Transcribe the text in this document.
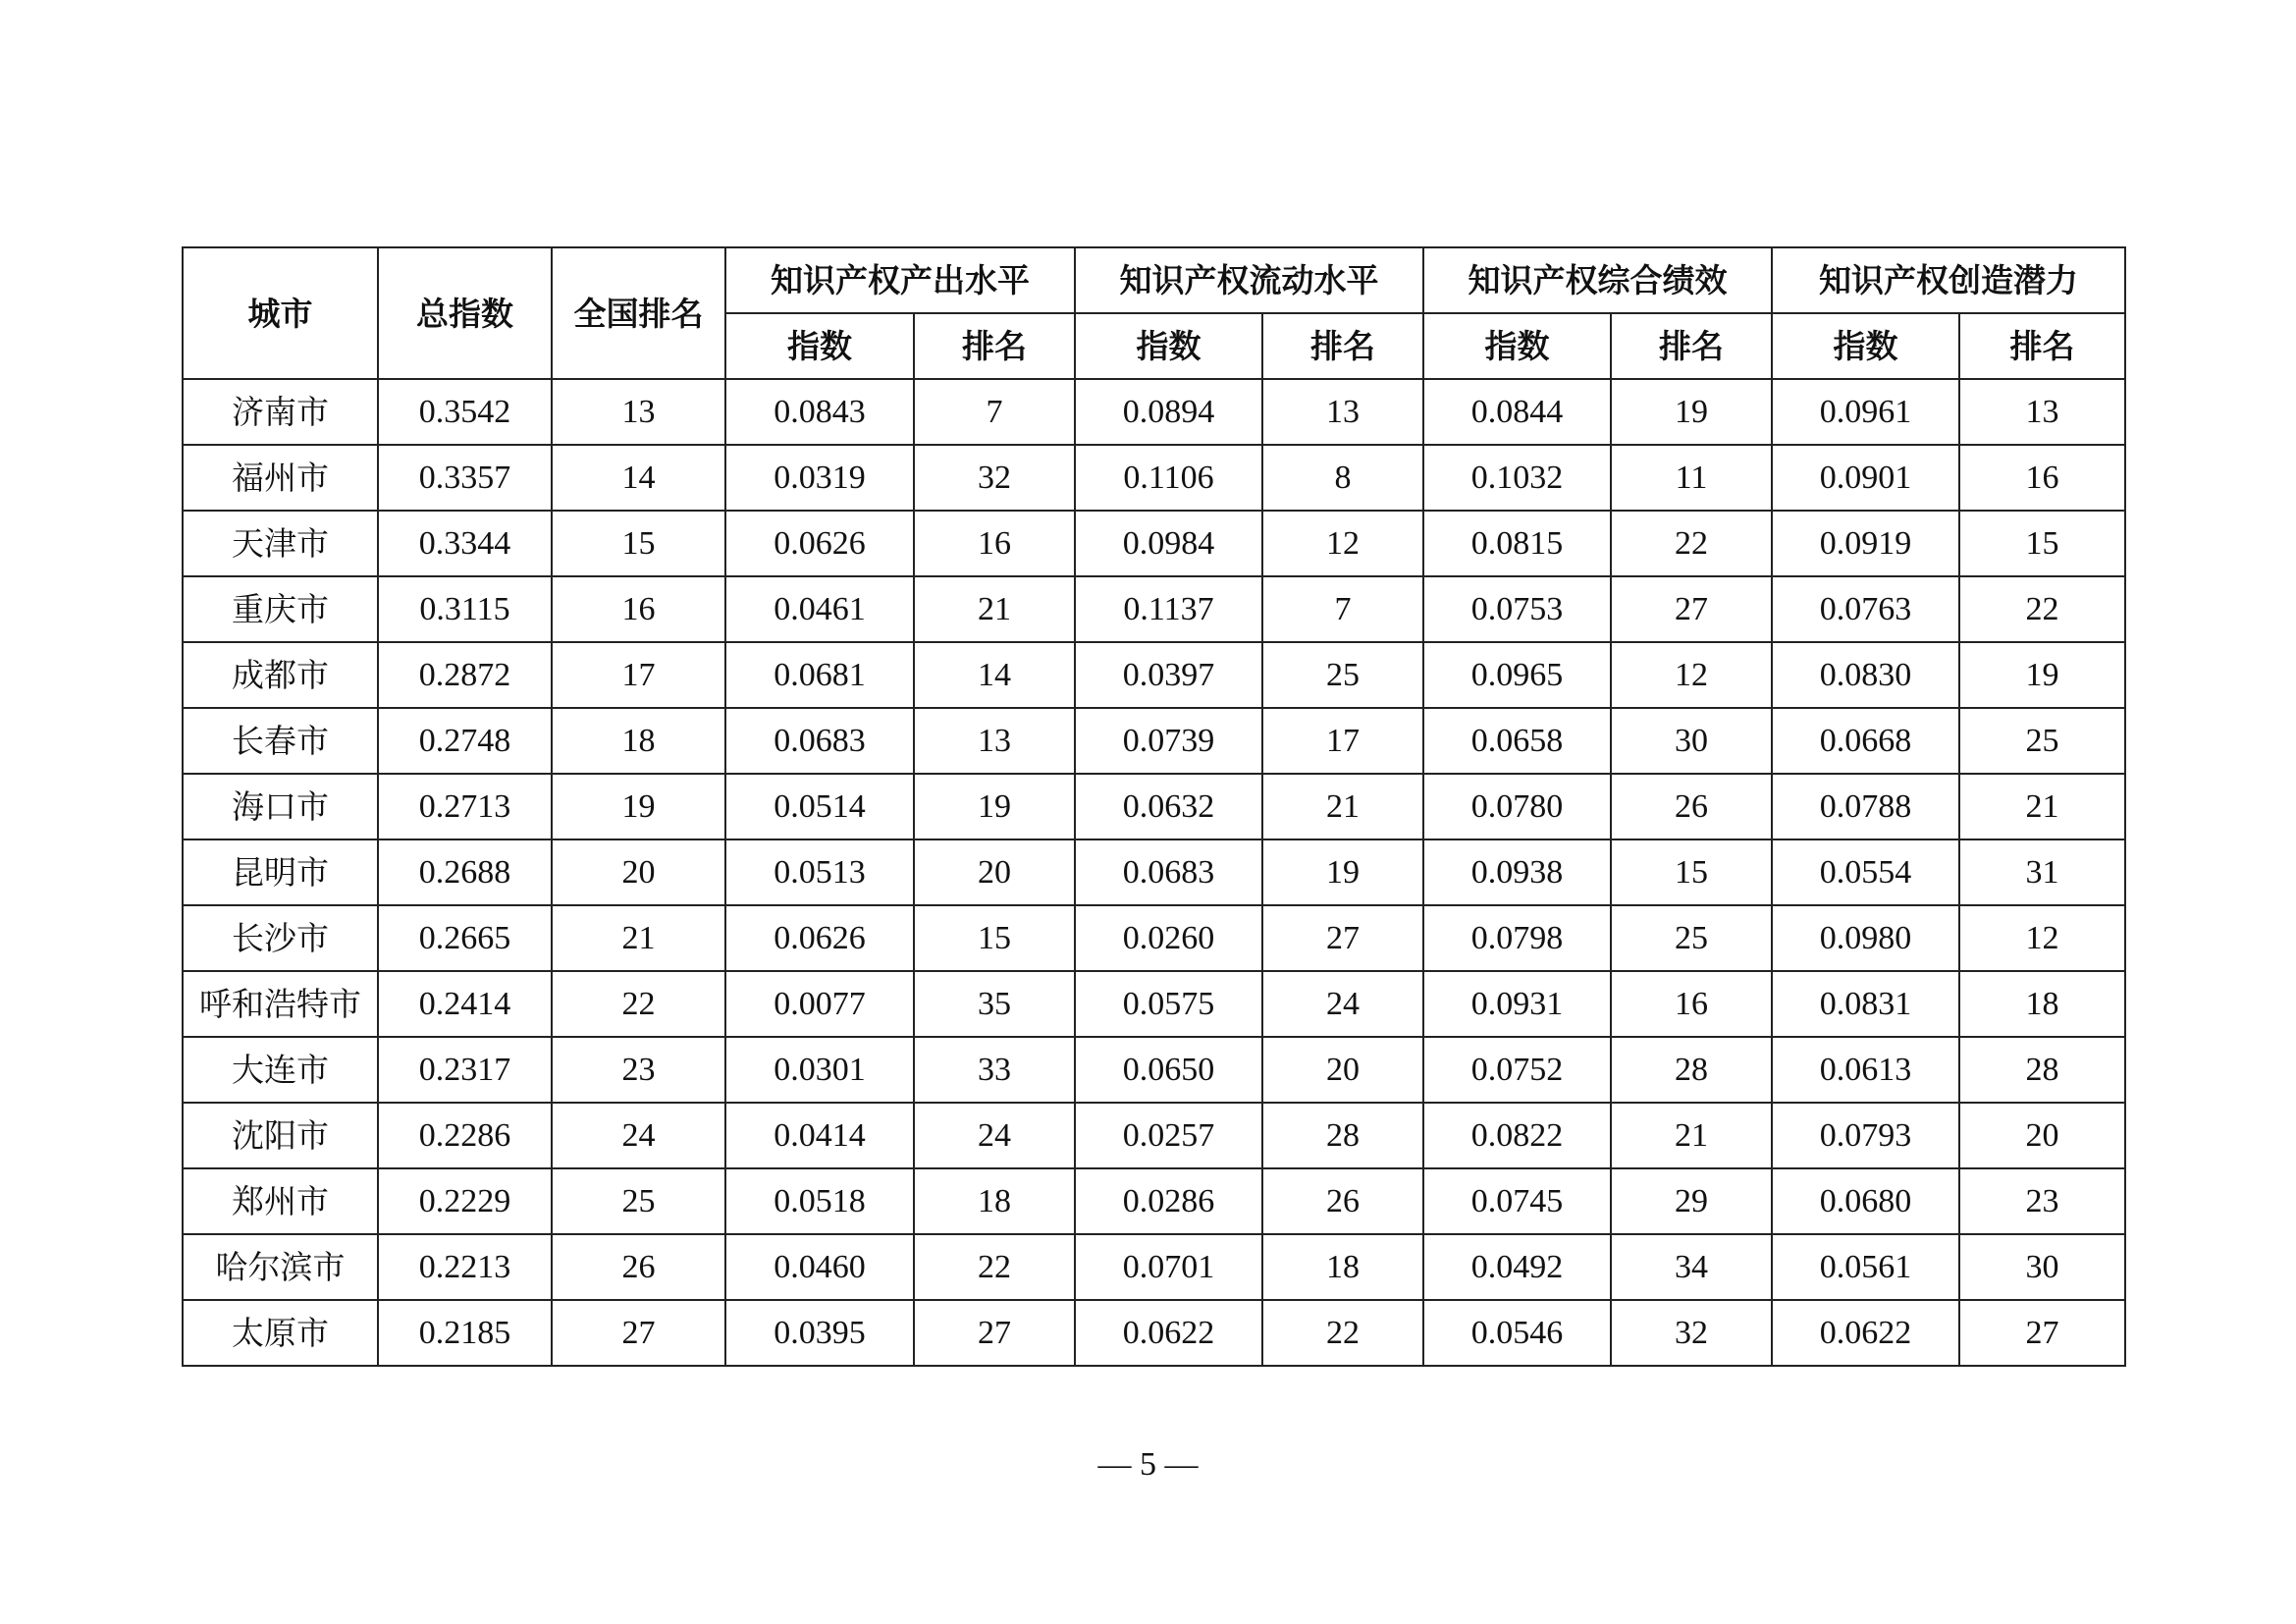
城市	总指数	全国排名	知识产权产出水平		知识产权流动水平		知识产权综合绩效		知识产权创造潜力	
			指数	排名	指数	排名	指数	排名	指数	排名
济南市	0.3542	13	0.0843	7	0.0894	13	0.0844	19	0.0961	13
福州市	0.3357	14	0.0319	32	0.1106	8	0.1032	11	0.0901	16
天津市	0.3344	15	0.0626	16	0.0984	12	0.0815	22	0.0919	15
重庆市	0.3115	16	0.0461	21	0.1137	7	0.0753	27	0.0763	22
成都市	0.2872	17	0.0681	14	0.0397	25	0.0965	12	0.0830	19
长春市	0.2748	18	0.0683	13	0.0739	17	0.0658	30	0.0668	25
海口市	0.2713	19	0.0514	19	0.0632	21	0.0780	26	0.0788	21
昆明市	0.2688	20	0.0513	20	0.0683	19	0.0938	15	0.0554	31
长沙市	0.2665	21	0.0626	15	0.0260	27	0.0798	25	0.0980	12
呼和浩特市	0.2414	22	0.0077	35	0.0575	24	0.0931	16	0.0831	18
大连市	0.2317	23	0.0301	33	0.0650	20	0.0752	28	0.0613	28
沈阳市	0.2286	24	0.0414	24	0.0257	28	0.0822	21	0.0793	20
郑州市	0.2229	25	0.0518	18	0.0286	26	0.0745	29	0.0680	23
哈尔滨市	0.2213	26	0.0460	22	0.0701	18	0.0492	34	0.0561	30
太原市	0.2185	27	0.0395	27	0.0622	22	0.0546	32	0.0622	27
— 5 —
